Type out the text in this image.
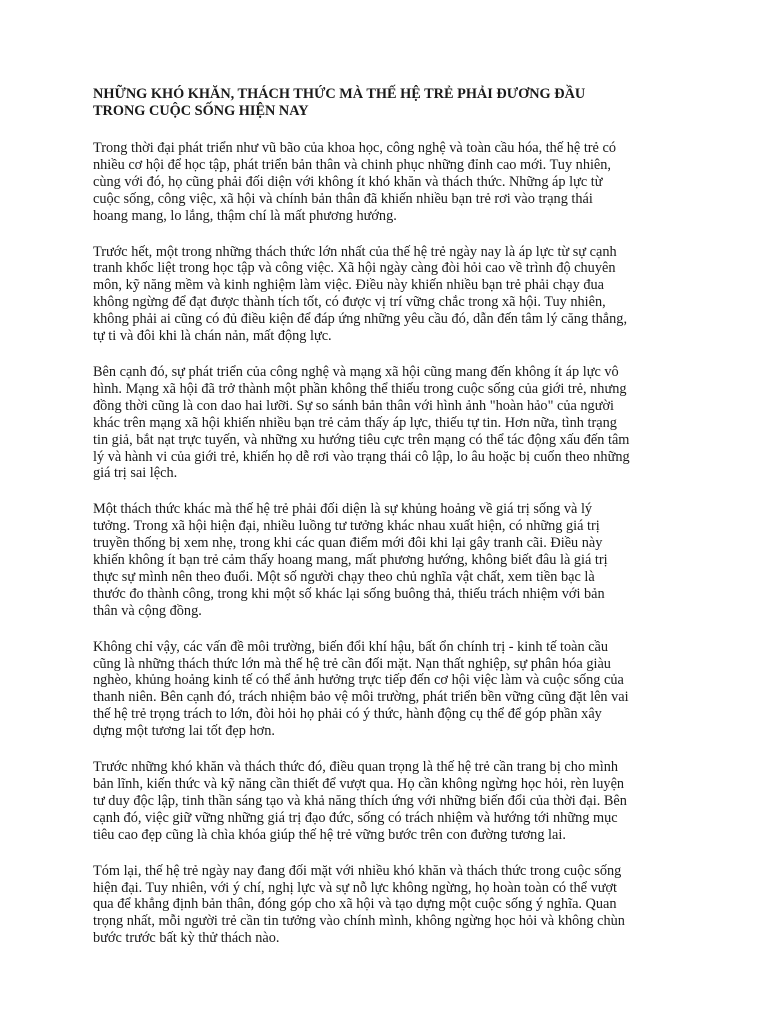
NHỮNG KHÓ KHĂN, THÁCH THỨC MÀ THẾ HỆ TRẺ PHẢI ĐƯƠNG ĐẦU
TRONG CUỘC SỐNG HIỆN NAY
Trong thời đại phát triển như vũ bão của khoa học, công nghệ và toàn cầu hóa, thế hệ trẻ có
nhiều cơ hội để học tập, phát triển bản thân và chinh phục những đỉnh cao mới. Tuy nhiên,
cùng với đó, họ cũng phải đối diện với không ít khó khăn và thách thức. Những áp lực từ
cuộc sống, công việc, xã hội và chính bản thân đã khiến nhiều bạn trẻ rơi vào trạng thái
hoang mang, lo lắng, thậm chí là mất phương hướng.
Trước hết, một trong những thách thức lớn nhất của thế hệ trẻ ngày nay là áp lực từ sự cạnh
tranh khốc liệt trong học tập và công việc. Xã hội ngày càng đòi hỏi cao về trình độ chuyên
môn, kỹ năng mềm và kinh nghiệm làm việc. Điều này khiến nhiều bạn trẻ phải chạy đua
không ngừng để đạt được thành tích tốt, có được vị trí vững chắc trong xã hội. Tuy nhiên,
không phải ai cũng có đủ điều kiện để đáp ứng những yêu cầu đó, dẫn đến tâm lý căng thẳng,
tự ti và đôi khi là chán nản, mất động lực.
Bên cạnh đó, sự phát triển của công nghệ và mạng xã hội cũng mang đến không ít áp lực vô
hình. Mạng xã hội đã trở thành một phần không thể thiếu trong cuộc sống của giới trẻ, nhưng
đồng thời cũng là con dao hai lưỡi. Sự so sánh bản thân với hình ảnh "hoàn hảo" của người
khác trên mạng xã hội khiến nhiều bạn trẻ cảm thấy áp lực, thiếu tự tin. Hơn nữa, tình trạng
tin giả, bắt nạt trực tuyến, và những xu hướng tiêu cực trên mạng có thể tác động xấu đến tâm
lý và hành vi của giới trẻ, khiến họ dễ rơi vào trạng thái cô lập, lo âu hoặc bị cuốn theo những
giá trị sai lệch.
Một thách thức khác mà thế hệ trẻ phải đối diện là sự khủng hoảng về giá trị sống và lý
tưởng. Trong xã hội hiện đại, nhiều luồng tư tưởng khác nhau xuất hiện, có những giá trị
truyền thống bị xem nhẹ, trong khi các quan điểm mới đôi khi lại gây tranh cãi. Điều này
khiến không ít bạn trẻ cảm thấy hoang mang, mất phương hướng, không biết đâu là giá trị
thực sự mình nên theo đuổi. Một số người chạy theo chủ nghĩa vật chất, xem tiền bạc là
thước đo thành công, trong khi một số khác lại sống buông thả, thiếu trách nhiệm với bản
thân và cộng đồng.
Không chỉ vậy, các vấn đề môi trường, biến đổi khí hậu, bất ổn chính trị - kinh tế toàn cầu
cũng là những thách thức lớn mà thế hệ trẻ cần đối mặt. Nạn thất nghiệp, sự phân hóa giàu
nghèo, khủng hoảng kinh tế có thể ảnh hưởng trực tiếp đến cơ hội việc làm và cuộc sống của
thanh niên. Bên cạnh đó, trách nhiệm bảo vệ môi trường, phát triển bền vững cũng đặt lên vai
thế hệ trẻ trọng trách to lớn, đòi hỏi họ phải có ý thức, hành động cụ thể để góp phần xây
dựng một tương lai tốt đẹp hơn.
Trước những khó khăn và thách thức đó, điều quan trọng là thế hệ trẻ cần trang bị cho mình
bản lĩnh, kiến thức và kỹ năng cần thiết để vượt qua. Họ cần không ngừng học hỏi, rèn luyện
tư duy độc lập, tinh thần sáng tạo và khả năng thích ứng với những biến đổi của thời đại. Bên
cạnh đó, việc giữ vững những giá trị đạo đức, sống có trách nhiệm và hướng tới những mục
tiêu cao đẹp cũng là chìa khóa giúp thế hệ trẻ vững bước trên con đường tương lai.
Tóm lại, thế hệ trẻ ngày nay đang đối mặt với nhiều khó khăn và thách thức trong cuộc sống
hiện đại. Tuy nhiên, với ý chí, nghị lực và sự nỗ lực không ngừng, họ hoàn toàn có thể vượt
qua để khẳng định bản thân, đóng góp cho xã hội và tạo dựng một cuộc sống ý nghĩa. Quan
trọng nhất, mỗi người trẻ cần tin tưởng vào chính mình, không ngừng học hỏi và không chùn
bước trước bất kỳ thử thách nào.
